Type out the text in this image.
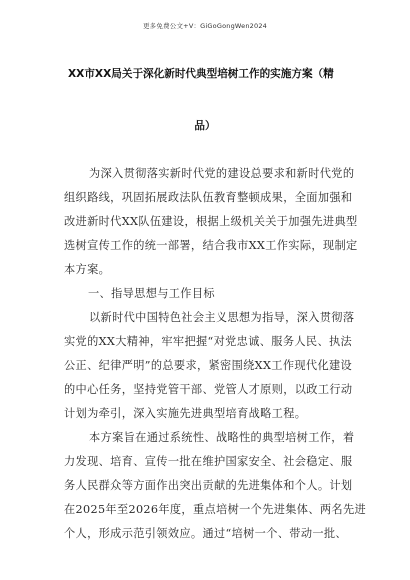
更多免费公文+V：GiGoGongWen2024
XX市XX局关于深化新时代典型培树工作的实施方案（精
品）
为深入贯彻落实新时代党的建设总要求和新时代党的
组织路线，巩固拓展政法队伍教育整顿成果，全面加强和
改进新时代XX队伍建设，根据上级机关关于加强先进典型
选树宣传工作的统一部署，结合我市XX工作实际，现制定
本方案。
一、指导思想与工作目标
以新时代中国特色社会主义思想为指导，深入贯彻落
实党的XX大精神，牢牢把握“对党忠诚、服务人民、执法
公正、纪律严明”的总要求，紧密围绕XX工作现代化建设
的中心任务，坚持党管干部、党管人才原则，以政工行动
计划为牵引，深入实施先进典型培育战略工程。
本方案旨在通过系统性、战略性的典型培树工作，着
力发现、培育、宣传一批在维护国家安全、社会稳定、服
务人民群众等方面作出突出贡献的先进集体和个人。计划
在2025年至2026年度，重点培树一个先进集体、两名先进
个人，形成示范引领效应。通过“培树一个、带动一批、
